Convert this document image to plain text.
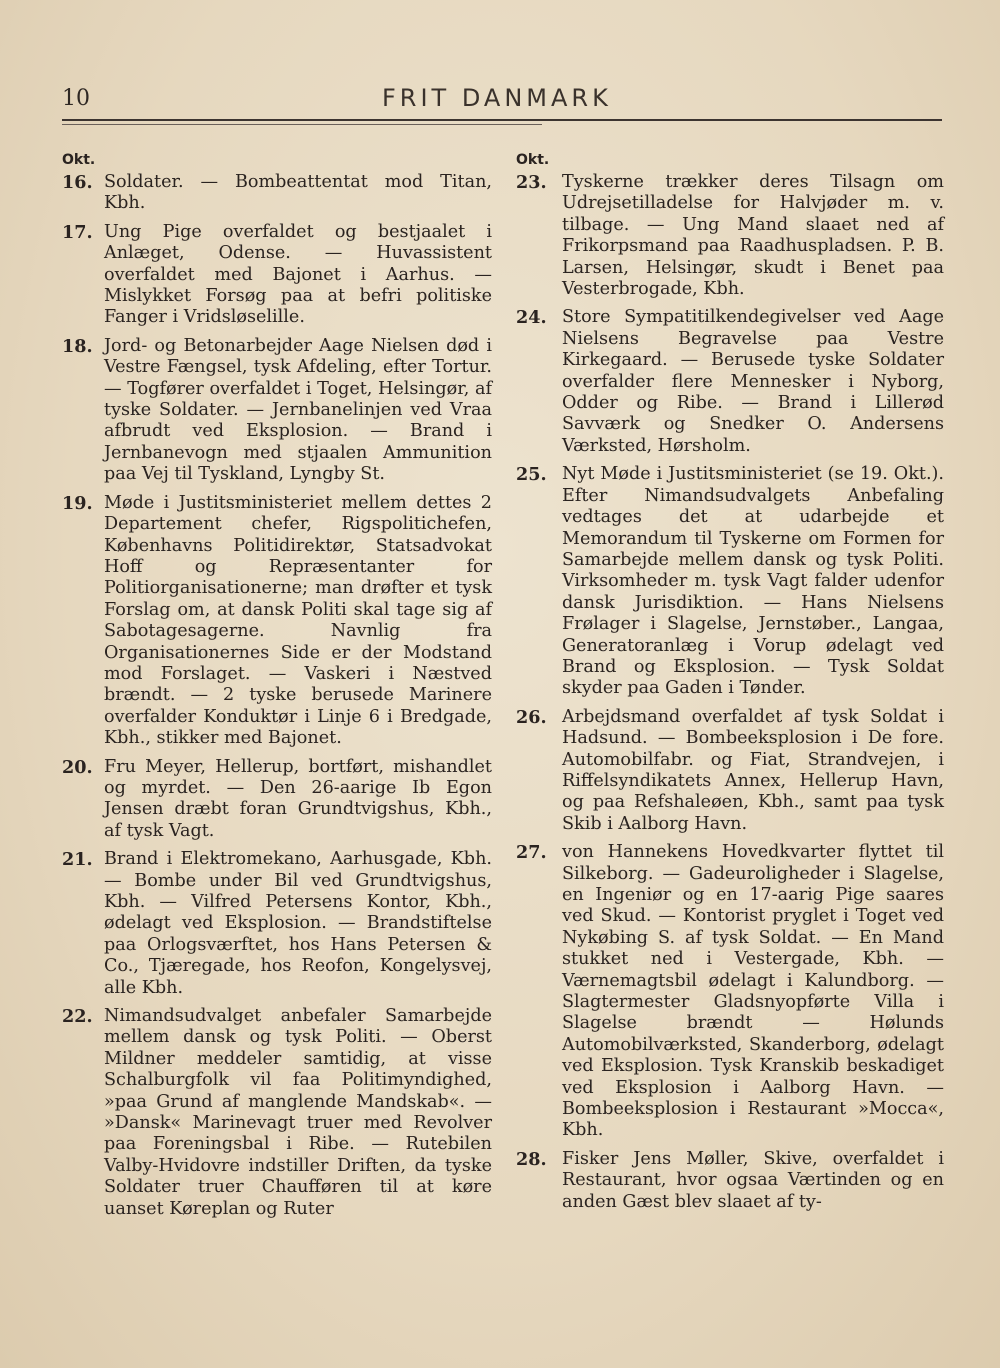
10	FRIT DANMARK
Okt.
16. Soldater. — Bombeattentat mod Titan, Kbh.
17. Ung Pige overfaldet og bestjaalet i Anlæget, Odense. — Huvassistent overfaldet med Bajonet i Aarhus. — Mislykket Forsøg paa at befri politiske Fanger i Vridsløselille.
18. Jord- og Betonarbejder Aage Nielsen død i Vestre Fængsel, tysk Afdeling, efter Tortur. — Togfører overfaldet i Toget, Helsingør, af tyske Soldater. — Jernbanelinjen ved Vraa afbrudt ved Eksplosion. — Brand i Jernbanevogn med stjaalen Ammunition paa Vej til Tyskland, Lyngby St.
19. Møde i Justitsministeriet mellem dettes 2 Departement chefer, Rigspolitichefen, Københavns Politidirektør, Statsadvokat Hoff og Repræsentanter for Politiorganisationerne; man drøfter et tysk Forslag om, at dansk Politi skal tage sig af Sabotagesagerne. Navnlig fra Organisationernes Side er der Modstand mod Forslaget. — Vaskeri i Næstved brændt. — 2 tyske berusede Marinere overfalder Konduktør i Linje 6 i Bredgade, Kbh., stikker med Bajonet.
20. Fru Meyer, Hellerup, bortført, mishandlet og myrdet. — Den 26-aarige Ib Egon Jensen dræbt foran Grundtvigshus, Kbh., af tysk Vagt.
21. Brand i Elektromekano, Aarhusgade, Kbh. — Bombe under Bil ved Grundtvigshus, Kbh. — Vilfred Petersens Kontor, Kbh., ødelagt ved Eksplosion. — Brandstiftelse paa Orlogsværftet, hos Hans Petersen & Co., Tjæregade, hos Reofon, Kongelysvej, alle Kbh.
22. Nimandsudvalget anbefaler Samarbejde mellem dansk og tysk Politi. — Oberst Mildner meddeler samtidig, at visse Schalburgfolk vil faa Politimyndighed, »paa Grund af manglende Mandskab«. — »Dansk« Marinevagt truer med Revolver paa Foreningsbal i Ribe. — Rutebilen Valby-Hvidovre indstiller Driften, da tyske Soldater truer Chaufføren til at køre uanset Køreplan og Ruter
Okt.
23. Tyskerne trækker deres Tilsagn om Udrejsetilladelse for Halvjøder m. v. tilbage. — Ung Mand slaaet ned af Frikorpsmand paa Raadhuspladsen. P. B. Larsen, Helsingør, skudt i Benet paa Vesterbrogade, Kbh.
24. Store Sympatitilkendegivelser ved Aage Nielsens Begravelse paa Vestre Kirkegaard. — Berusede tyske Soldater overfalder flere Mennesker i Nyborg, Odder og Ribe. — Brand i Lillerød Savværk og Snedker O. Andersens Værksted, Hørsholm.
25. Nyt Møde i Justitsministeriet (se 19. Okt.). Efter Nimandsudvalgets Anbefaling vedtages det at udarbejde et Memorandum til Tyskerne om Formen for Samarbejde mellem dansk og tysk Politi. Virksomheder m. tysk Vagt falder udenfor dansk Jurisdiktion. — Hans Nielsens Frølager i Slagelse, Jernstøber., Langaa, Generatoranlæg i Vorup ødelagt ved Brand og Eksplosion. — Tysk Soldat skyder paa Gaden i Tønder.
26. Arbejdsmand overfaldet af tysk Soldat i Hadsund. — Bombeeksplosion i De fore. Automobilfabr. og Fiat, Strandvejen, i Riffelsyndikatets Annex, Hellerup Havn, og paa Refshaleøen, Kbh., samt paa tysk Skib i Aalborg Havn.
27. von Hannekens Hovedkvarter flyttet til Silkeborg. — Gadeuroligheder i Slagelse, en Ingeniør og en 17-aarig Pige saares ved Skud. — Kontorist pryglet i Toget ved Nykøbing S. af tysk Soldat. — En Mand stukket ned i Vestergade, Kbh. — Værnemagtsbil ødelagt i Kalundborg. — Slagtermester Gladsnyopførte Villa i Slagelse brændt — Hølunds Automobilværksted, Skanderborg, ødelagt ved Eksplosion. Tysk Kranskib beskadiget ved Eksplosion i Aalborg Havn. — Bombeeksplosion i Restaurant »Mocca«, Kbh.
28. Fisker Jens Møller, Skive, overfaldet i Restaurant, hvor ogsaa Værtinden og en anden Gæst blev slaaet af ty-
